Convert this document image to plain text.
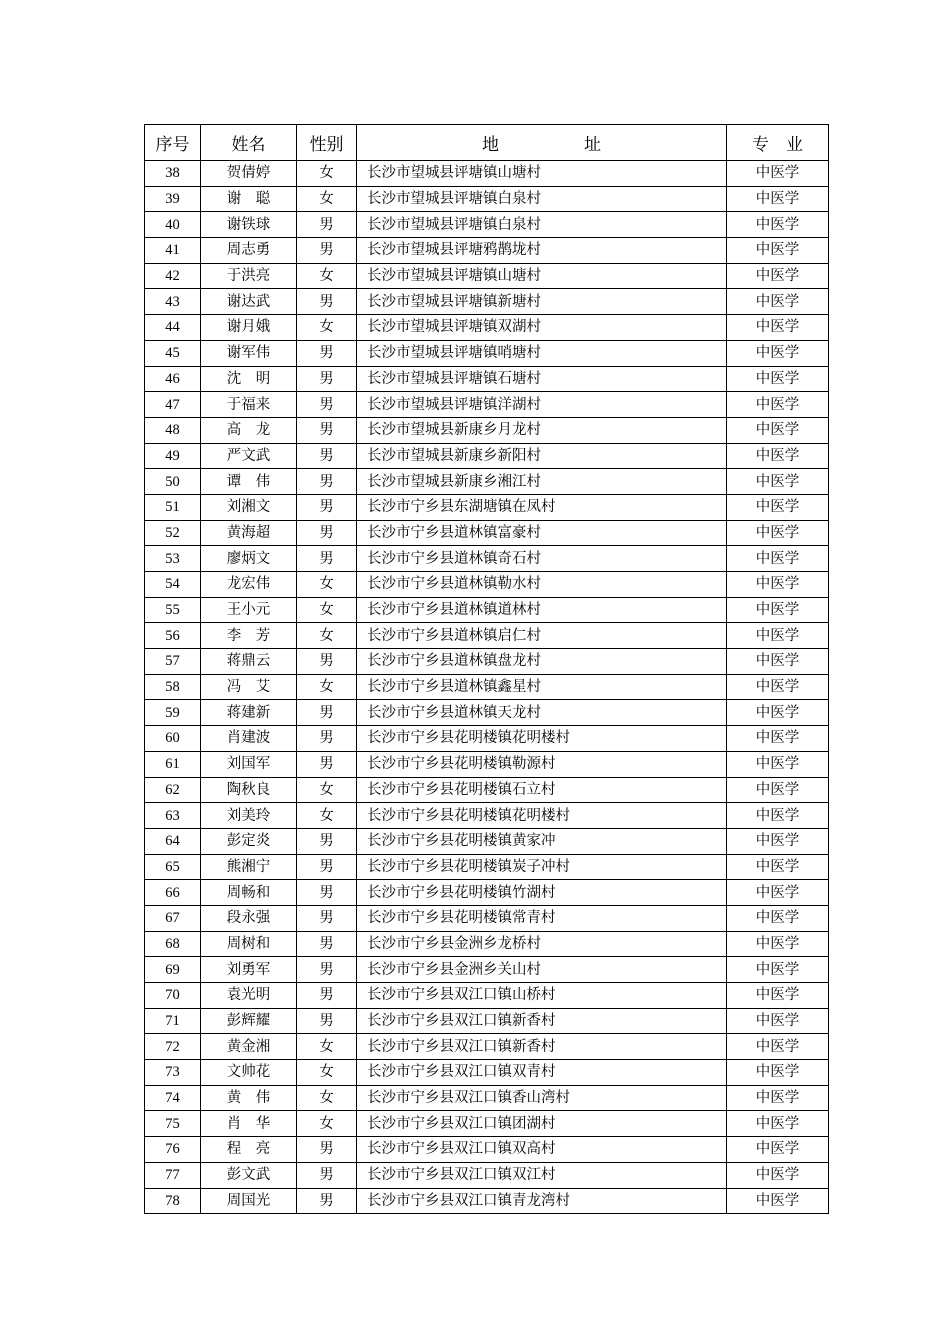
序号	姓名	性别	地　　　　　址	专　业
38	贺倩婷	女	长沙市望城县评塘镇山塘村	中医学
39	谢　聪	女	长沙市望城县评塘镇白泉村	中医学
40	谢铁球	男	长沙市望城县评塘镇白泉村	中医学
41	周志勇	男	长沙市望城县评塘鸦鹊垅村	中医学
42	于洪亮	女	长沙市望城县评塘镇山塘村	中医学
43	谢达武	男	长沙市望城县评塘镇新塘村	中医学
44	谢月娥	女	长沙市望城县评塘镇双湖村	中医学
45	谢军伟	男	长沙市望城县评塘镇哨塘村	中医学
46	沈　明	男	长沙市望城县评塘镇石塘村	中医学
47	于福来	男	长沙市望城县评塘镇洋湖村	中医学
48	高　龙	男	长沙市望城县新康乡月龙村	中医学
49	严文武	男	长沙市望城县新康乡新阳村	中医学
50	谭　伟	男	长沙市望城县新康乡湘江村	中医学
51	刘湘文	男	长沙市宁乡县东湖塘镇在凤村	中医学
52	黄海超	男	长沙市宁乡县道林镇富豪村	中医学
53	廖炳文	男	长沙市宁乡县道林镇奇石村	中医学
54	龙宏伟	女	长沙市宁乡县道林镇勒水村	中医学
55	王小元	女	长沙市宁乡县道林镇道林村	中医学
56	李　芳	女	长沙市宁乡县道林镇启仁村	中医学
57	蒋鼎云	男	长沙市宁乡县道林镇盘龙村	中医学
58	冯　艾	女	长沙市宁乡县道林镇鑫星村	中医学
59	蒋建新	男	长沙市宁乡县道林镇天龙村	中医学
60	肖建波	男	长沙市宁乡县花明楼镇花明楼村	中医学
61	刘国军	男	长沙市宁乡县花明楼镇勒源村	中医学
62	陶秋良	女	长沙市宁乡县花明楼镇石立村	中医学
63	刘美玲	女	长沙市宁乡县花明楼镇花明楼村	中医学
64	彭定炎	男	长沙市宁乡县花明楼镇黄家冲	中医学
65	熊湘宁	男	长沙市宁乡县花明楼镇炭子冲村	中医学
66	周畅和	男	长沙市宁乡县花明楼镇竹湖村	中医学
67	段永强	男	长沙市宁乡县花明楼镇常青村	中医学
68	周树和	男	长沙市宁乡县金洲乡龙桥村	中医学
69	刘勇军	男	长沙市宁乡县金洲乡关山村	中医学
70	袁光明	男	长沙市宁乡县双江口镇山桥村	中医学
71	彭辉耀	男	长沙市宁乡县双江口镇新香村	中医学
72	黄金湘	女	长沙市宁乡县双江口镇新香村	中医学
73	文帅花	女	长沙市宁乡县双江口镇双青村	中医学
74	黄　伟	女	长沙市宁乡县双江口镇香山湾村	中医学
75	肖　华	女	长沙市宁乡县双江口镇团湖村	中医学
76	程　亮	男	长沙市宁乡县双江口镇双高村	中医学
77	彭文武	男	长沙市宁乡县双江口镇双江村	中医学
78	周国光	男	长沙市宁乡县双江口镇青龙湾村	中医学
